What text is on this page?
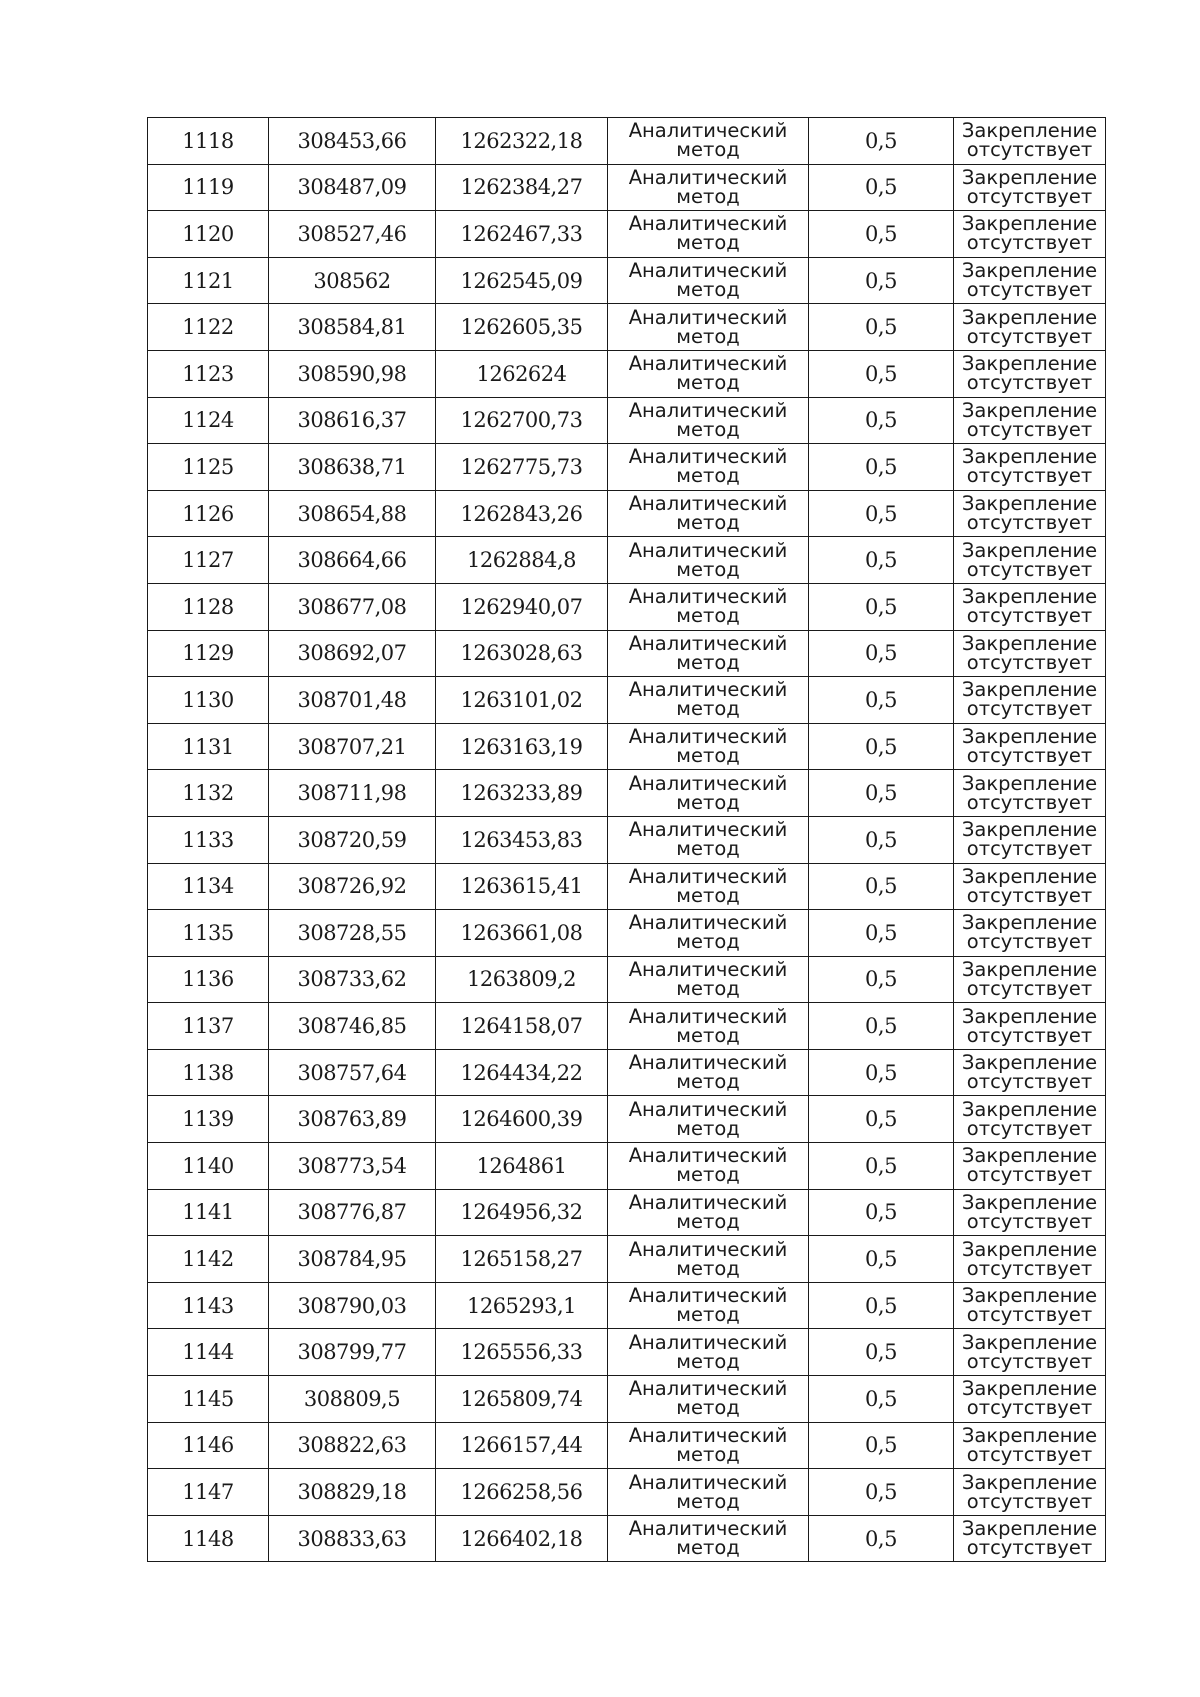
1118	308453,66	1262322,18	Аналитический
метод	0,5	Закрепление
отсутствует

1119	308487,09	1262384,27	Аналитический
метод	0,5	Закрепление
отсутствует

1120	308527,46	1262467,33	Аналитический
метод	0,5	Закрепление
отсутствует

1121	308562	1262545,09	Аналитический
метод	0,5	Закрепление
отсутствует

1122	308584,81	1262605,35	Аналитический
метод	0,5	Закрепление
отсутствует

1123	308590,98	1262624	Аналитический
метод	0,5	Закрепление
отсутствует

1124	308616,37	1262700,73	Аналитический
метод	0,5	Закрепление
отсутствует

1125	308638,71	1262775,73	Аналитический
метод	0,5	Закрепление
отсутствует

1126	308654,88	1262843,26	Аналитический
метод	0,5	Закрепление
отсутствует

1127	308664,66	1262884,8	Аналитический
метод	0,5	Закрепление
отсутствует

1128	308677,08	1262940,07	Аналитический
метод	0,5	Закрепление
отсутствует

1129	308692,07	1263028,63	Аналитический
метод	0,5	Закрепление
отсутствует

1130	308701,48	1263101,02	Аналитический
метод	0,5	Закрепление
отсутствует

1131	308707,21	1263163,19	Аналитический
метод	0,5	Закрепление
отсутствует

1132	308711,98	1263233,89	Аналитический
метод	0,5	Закрепление
отсутствует

1133	308720,59	1263453,83	Аналитический
метод	0,5	Закрепление
отсутствует

1134	308726,92	1263615,41	Аналитический
метод	0,5	Закрепление
отсутствует

1135	308728,55	1263661,08	Аналитический
метод	0,5	Закрепление
отсутствует

1136	308733,62	1263809,2	Аналитический
метод	0,5	Закрепление
отсутствует

1137	308746,85	1264158,07	Аналитический
метод	0,5	Закрепление
отсутствует

1138	308757,64	1264434,22	Аналитический
метод	0,5	Закрепление
отсутствует

1139	308763,89	1264600,39	Аналитический
метод	0,5	Закрепление
отсутствует

1140	308773,54	1264861	Аналитический
метод	0,5	Закрепление
отсутствует

1141	308776,87	1264956,32	Аналитический
метод	0,5	Закрепление
отсутствует

1142	308784,95	1265158,27	Аналитический
метод	0,5	Закрепление
отсутствует

1143	308790,03	1265293,1	Аналитический
метод	0,5	Закрепление
отсутствует

1144	308799,77	1265556,33	Аналитический
метод	0,5	Закрепление
отсутствует

1145	308809,5	1265809,74	Аналитический
метод	0,5	Закрепление
отсутствует

1146	308822,63	1266157,44	Аналитический
метод	0,5	Закрепление
отсутствует

1147	308829,18	1266258,56	Аналитический
метод	0,5	Закрепление
отсутствует

1148	308833,63	1266402,18	Аналитический
метод	0,5	Закрепление
отсутствует
